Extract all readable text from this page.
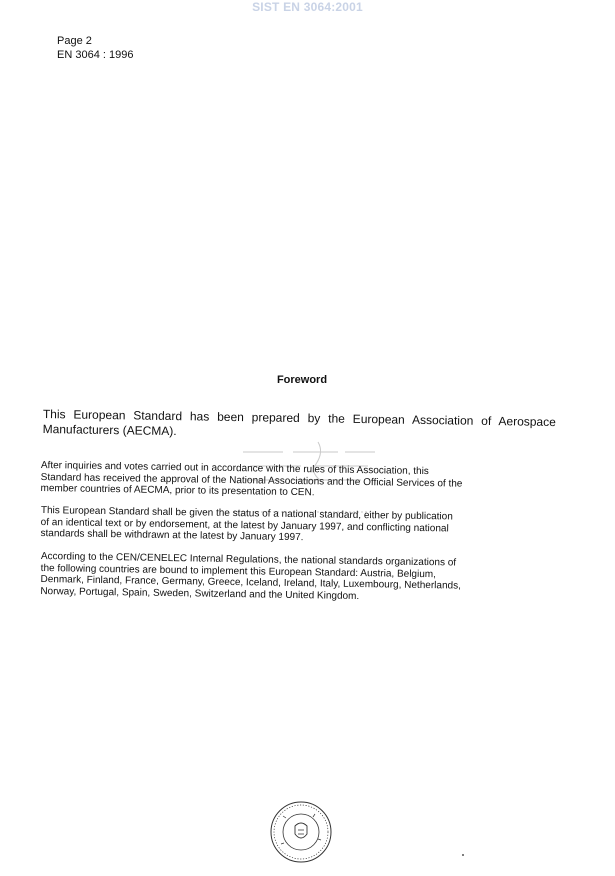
SIST EN 3064:2001
Page 2
EN 3064 : 1996
Foreword
This European Standard has been prepared by the European Association of Aerospace Manufacturers (AECMA).
After inquiries and votes carried out in accordance with the rules of this Association, this Standard has received the approval of the National Associations and the Official Services of the member countries of AECMA, prior to its presentation to CEN.
This European Standard shall be given the status of a national standard, either by publication of an identical text or by endorsement, at the latest by January 1997, and conflicting national standards shall be withdrawn at the latest by January 1997.
According to the CEN/CENELEC Internal Regulations, the national standards organizations of the following countries are bound to implement this European Standard: Austria, Belgium, Denmark, Finland, France, Germany, Greece, Iceland, Ireland, Italy, Luxembourg, Netherlands, Norway, Portugal, Spain, Sweden, Switzerland and the United Kingdom.
